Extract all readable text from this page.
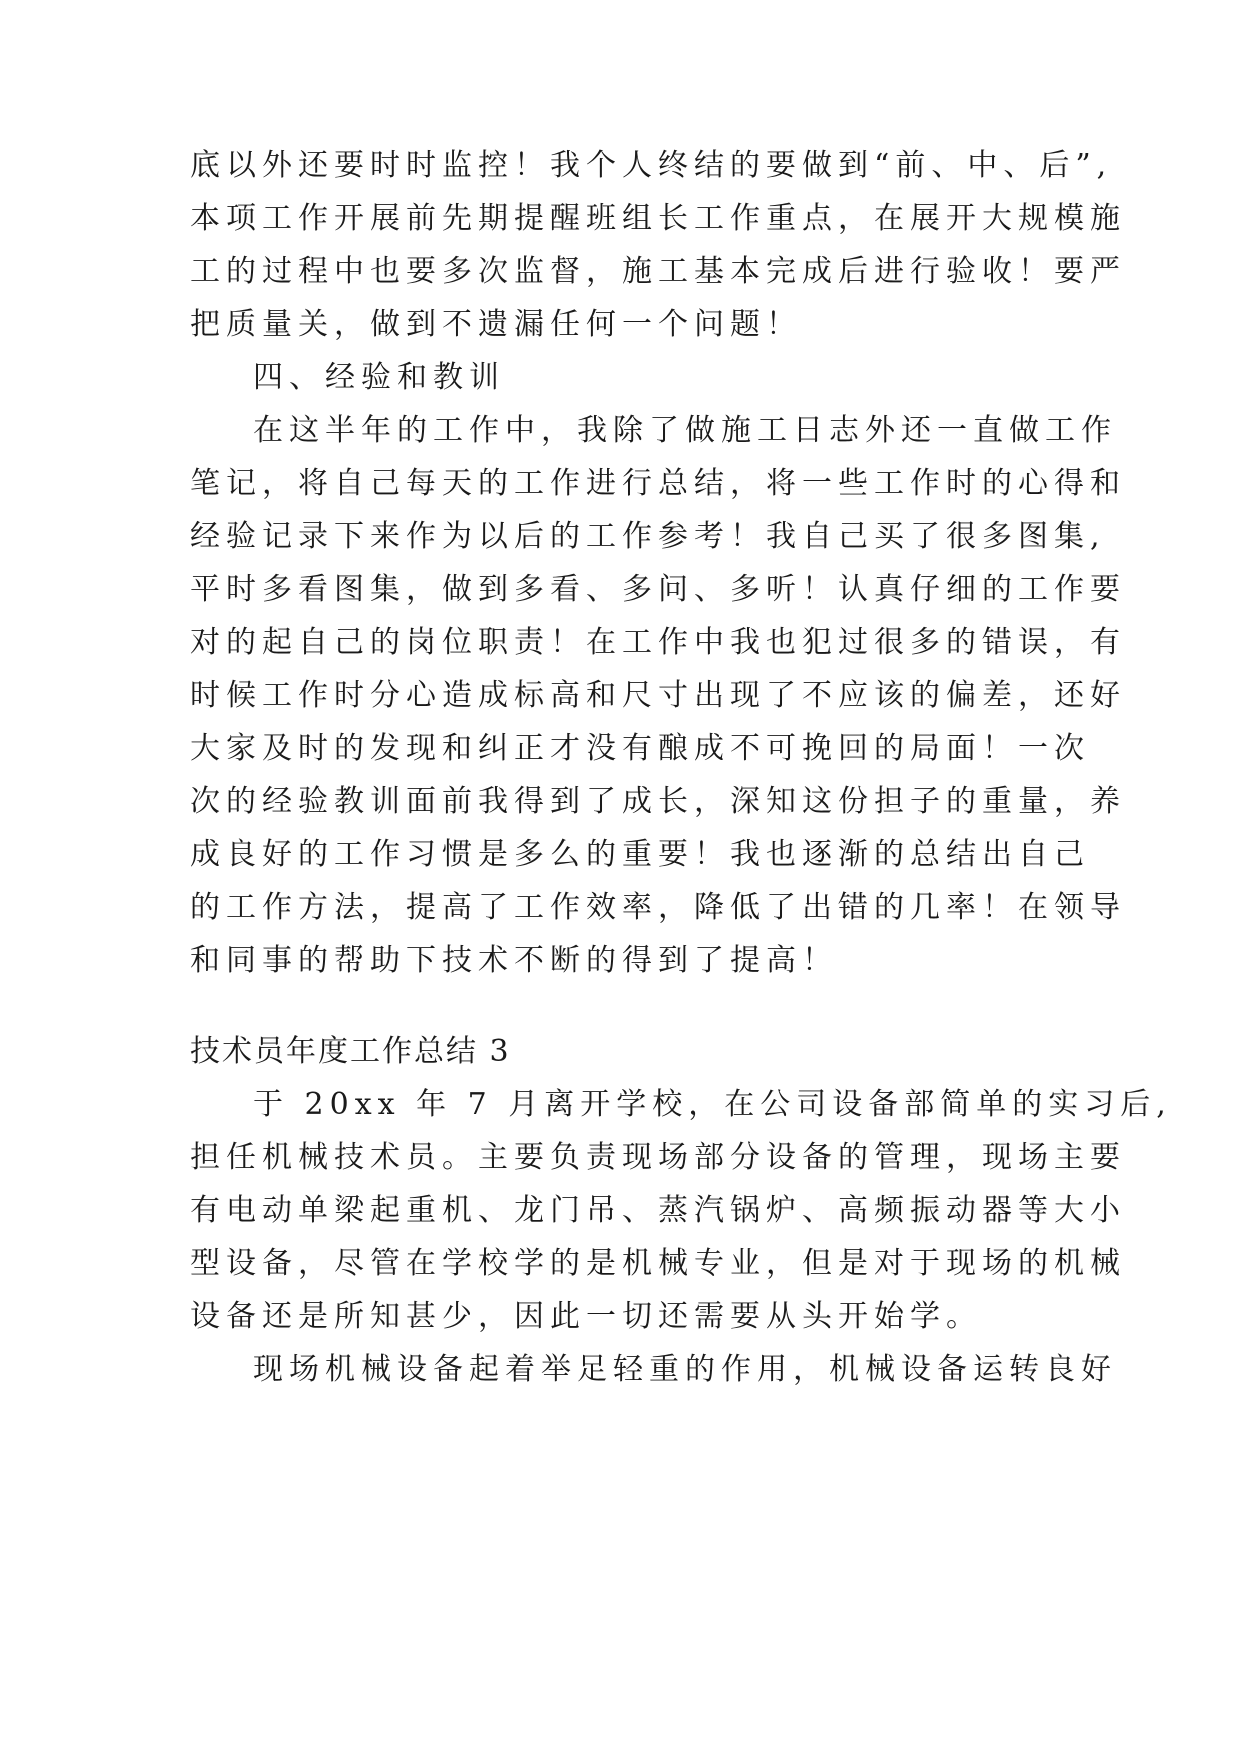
底以外还要时时监控！我个人终结的要做到“前、中、后”,
本项工作开展前先期提醒班组长工作重点，在展开大规模施
工的过程中也要多次监督，施工基本完成后进行验收！要严
把质量关，做到不遗漏任何一个问题！
四、经验和教训
在这半年的工作中，我除了做施工日志外还一直做工作
笔记，将自己每天的工作进行总结，将一些工作时的心得和
经验记录下来作为以后的工作参考！我自己买了很多图集,
平时多看图集，做到多看、多问、多听！认真仔细的工作要
对的起自己的岗位职责！在工作中我也犯过很多的错误，有
时候工作时分心造成标高和尺寸出现了不应该的偏差，还好
大家及时的发现和纠正才没有酿成不可挽回的局面！一次
次的经验教训面前我得到了成长，深知这份担子的重量，养
成良好的工作习惯是多么的重要！我也逐渐的总结出自己
的工作方法，提高了工作效率，降低了出错的几率！在领导
和同事的帮助下技术不断的得到了提高！
技术员年度工作总结 3
于 20xx 年 7 月离开学校，在公司设备部简单的实习后,
担任机械技术员。主要负责现场部分设备的管理，现场主要
有电动单梁起重机、龙门吊、蒸汽锅炉、高频振动器等大小
型设备，尽管在学校学的是机械专业，但是对于现场的机械
设备还是所知甚少，因此一切还需要从头开始学。
现场机械设备起着举足轻重的作用，机械设备运转良好
